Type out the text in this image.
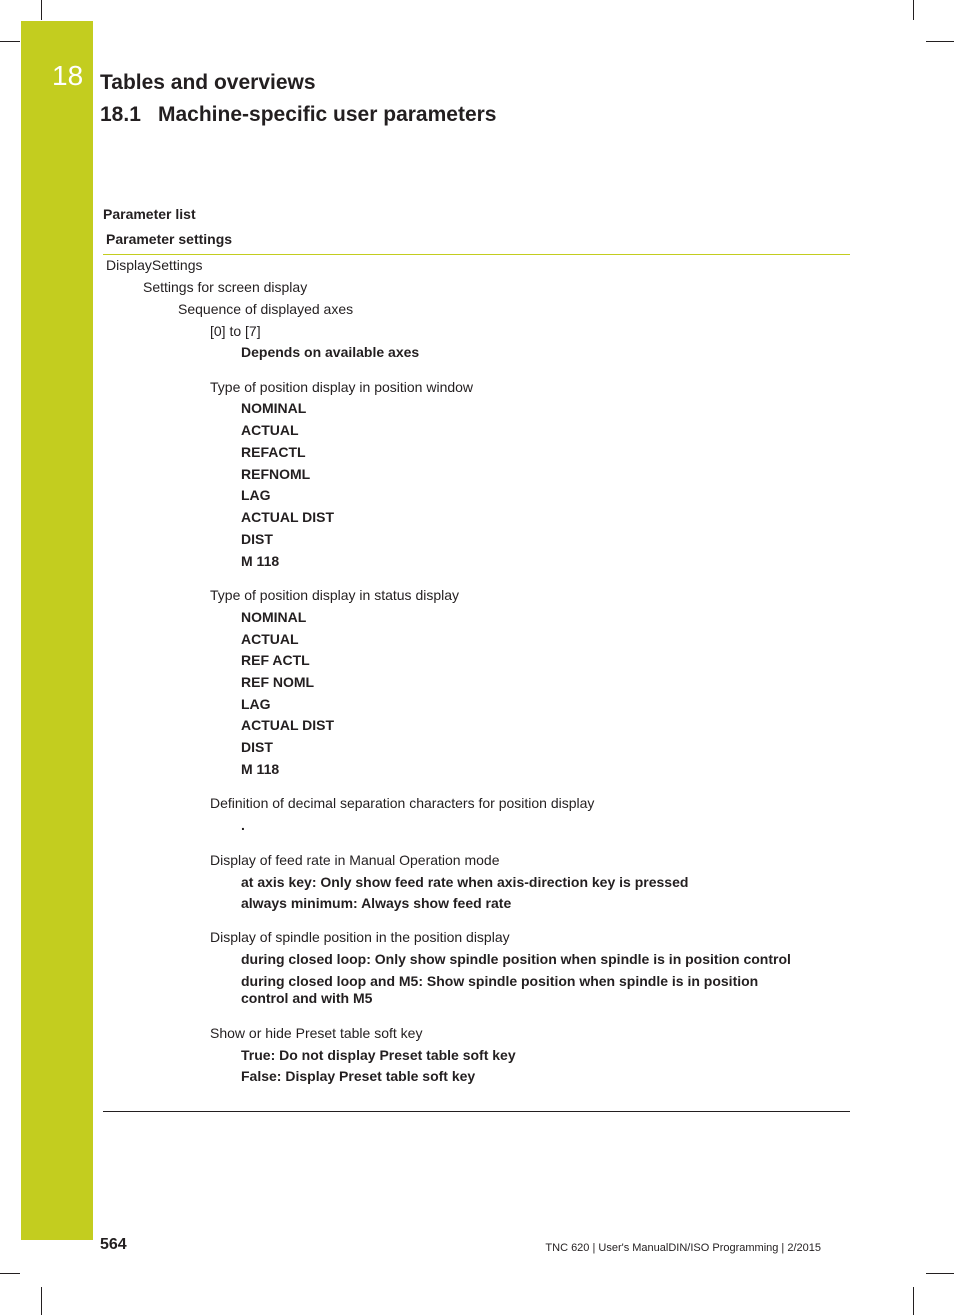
18 Tables and overviews
18.1 Machine-specific user parameters
Parameter list
Parameter settings
DisplaySettings
Settings for screen display
Sequence of displayed axes
[0] to [7]
Depends on available axes
Type of position display in position window
NOMINAL
ACTUAL
REFACTL
REFNOML
LAG
ACTUAL DIST
DIST
M 118
Type of position display in status display
NOMINAL
ACTUAL
REF ACTL
REF NOML
LAG
ACTUAL DIST
DIST
M 118
Definition of decimal separation characters for position display
.
Display of feed rate in Manual Operation mode
at axis key: Only show feed rate when axis-direction key is pressed
always minimum: Always show feed rate
Display of spindle position in the position display
during closed loop: Only show spindle position when spindle is in position control
during closed loop and M5: Show spindle position when spindle is in position
control and with M5
Show or hide Preset table soft key
True: Do not display Preset table soft key
False: Display Preset table soft key
564	TNC 620 | User's ManualDIN/ISO Programming | 2/2015
